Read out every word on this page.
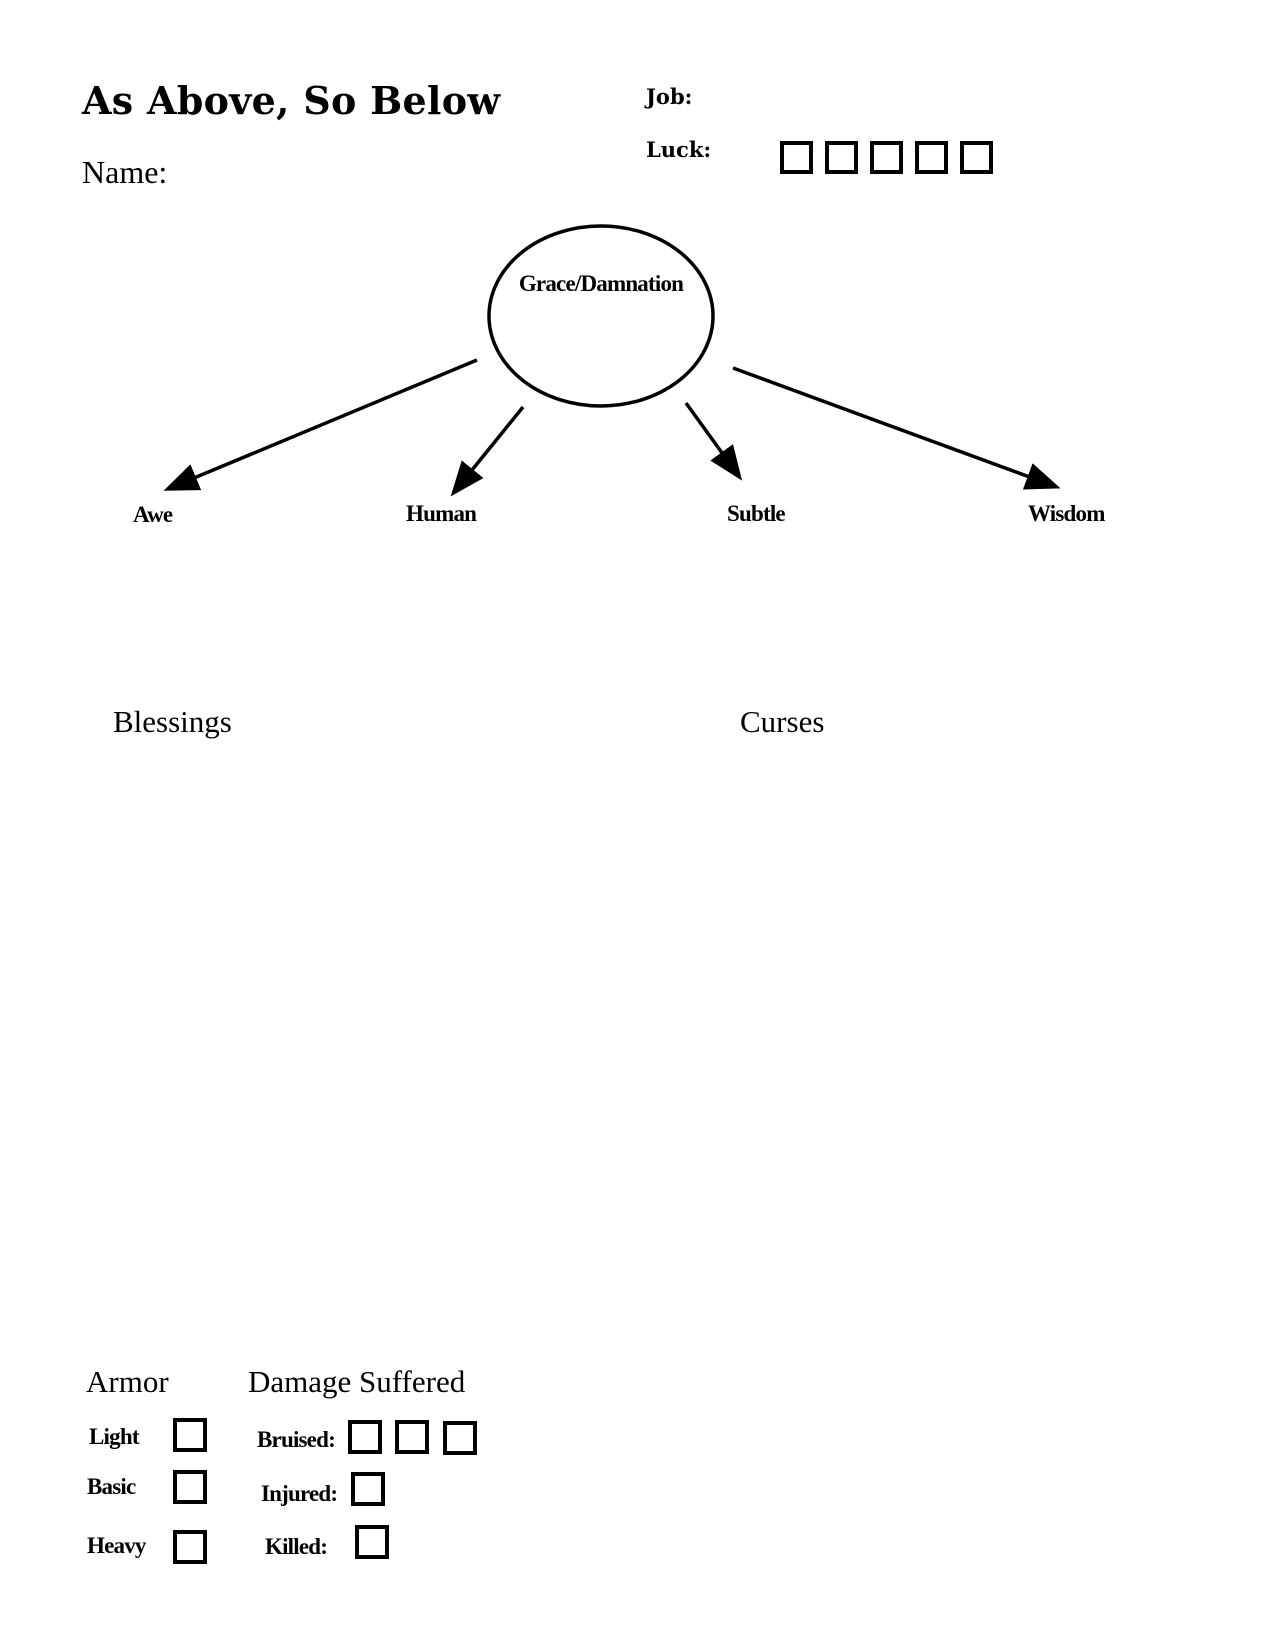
As Above, So Below
Name:
Job:
Luck:
Grace/Damnation
Awe	Human	Subtle	Wisdom
Blessings	Curses
Armor
Light
Basic
Heavy
Damage Suffered
Bruised:
Injured:
Killed:
